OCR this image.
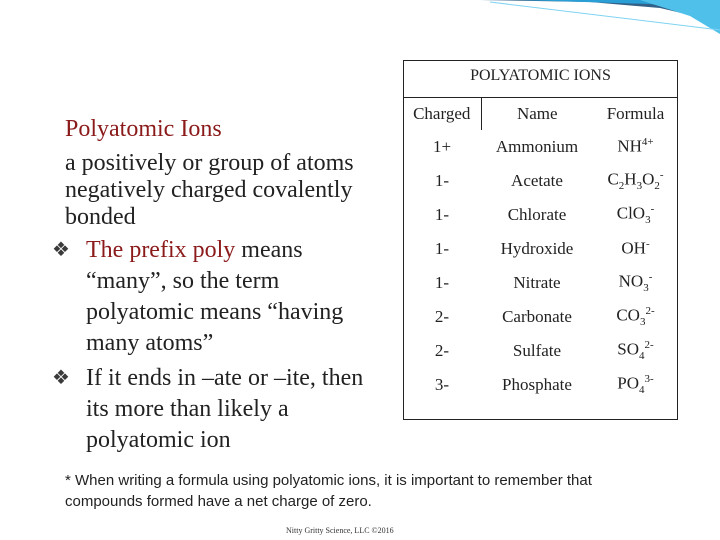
Polyatomic Ions
a positively or group of atoms negatively charged covalently bonded
❖ The prefix poly means “many”, so the term polyatomic means “having many atoms”
❖ If it ends in –ate or –ite, then its more than likely a polyatomic ion
POLYATOMIC IONS
Charged	Name	Formula
1+	Ammonium	$NH^{4+}$
1-	Acetate	$C_2H_3O_2^-$
1-	Chlorate	ClO$_3$-
1-	Hydroxide	OH-
1-	Nitrate	$NO_3^-$
2-	Carbonate	$CO_3^{2-}$
2-	Sulfate	$SO_4^{2-}$
3-	Phosphate	$PO_4^{3-}$
* When writing a formula using polyatomic ions, it is important to remember that compounds formed have a net charge of zero.
Nitty Gritty Science, LLC ©2016
